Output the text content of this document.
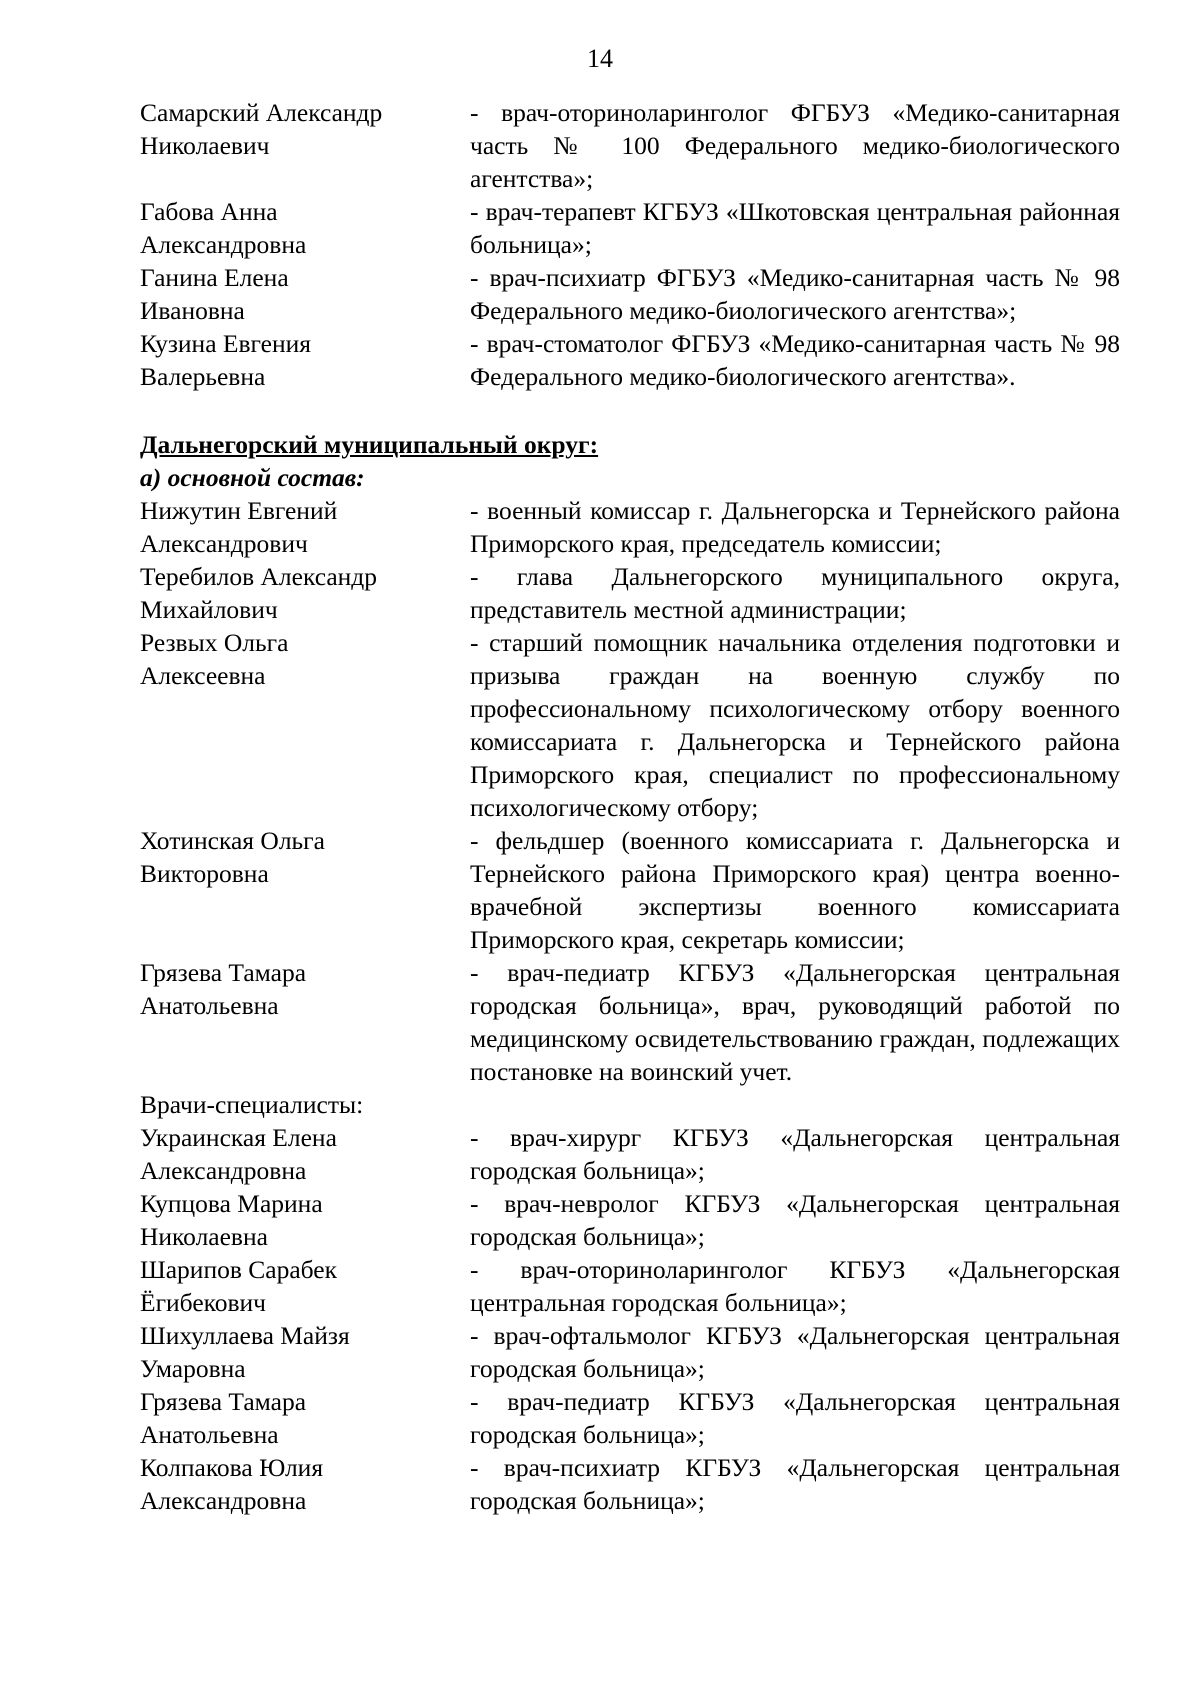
14
Самарский Александр
Николаевич
- врач-оториноларинголог ФГБУЗ «Медико-санитарная часть № 100 Федерального медико-биологического агентства»;
Габова Анна
Александровна
- врач-терапевт КГБУЗ «Шкотовская центральная районная больница»;
Ганина Елена
Ивановна
- врач-психиатр ФГБУЗ «Медико-санитарная часть № 98 Федерального медико-биологического агентства»;
Кузина Евгения
Валерьевна
- врач-стоматолог ФГБУЗ «Медико-санитарная часть № 98 Федерального медико-биологического агентства».
Дальнегорский муниципальный округ:
а) основной состав:
Нижутин Евгений
Александрович
- военный комиссар г. Дальнегорска и Тернейского района Приморского края, председатель комиссии;
Теребилов Александр
Михайлович
- глава Дальнегорского муниципального округа, представитель местной администрации;
Резвых Ольга
Алексеевна
- старший помощник начальника отделения подготовки и призыва граждан на военную службу по профессиональному психологическому отбору военного комиссариата г. Дальнегорска и Тернейского района Приморского края, специалист по профессиональному психологическому отбору;
Хотинская Ольга
Викторовна
- фельдшер (военного комиссариата г. Дальнегорска и Тернейского района Приморского края) центра военно-врачебной экспертизы военного комиссариата Приморского края, секретарь комиссии;
Грязева Тамара
Анатольевна
- врач-педиатр КГБУЗ «Дальнегорская центральная городская больница», врач, руководящий работой по медицинскому освидетельствованию граждан, подлежащих постановке на воинский учет.
Врачи-специалисты:
Украинская Елена
Александровна
- врач-хирург КГБУЗ «Дальнегорская центральная городская больница»;
Купцова Марина
Николаевна
- врач-невролог КГБУЗ «Дальнегорская центральная городская больница»;
Шарипов Сарабек
Ёгибекович
- врач-оториноларинголог КГБУЗ «Дальнегорская центральная городская больница»;
Шихуллаева Майзя
Умаровна
- врач-офтальмолог КГБУЗ «Дальнегорская центральная городская больница»;
Грязева Тамара
Анатольевна
- врач-педиатр КГБУЗ «Дальнегорская центральная городская больница»;
Колпакова Юлия
Александровна
- врач-психиатр КГБУЗ «Дальнегорская центральная городская больница»;
